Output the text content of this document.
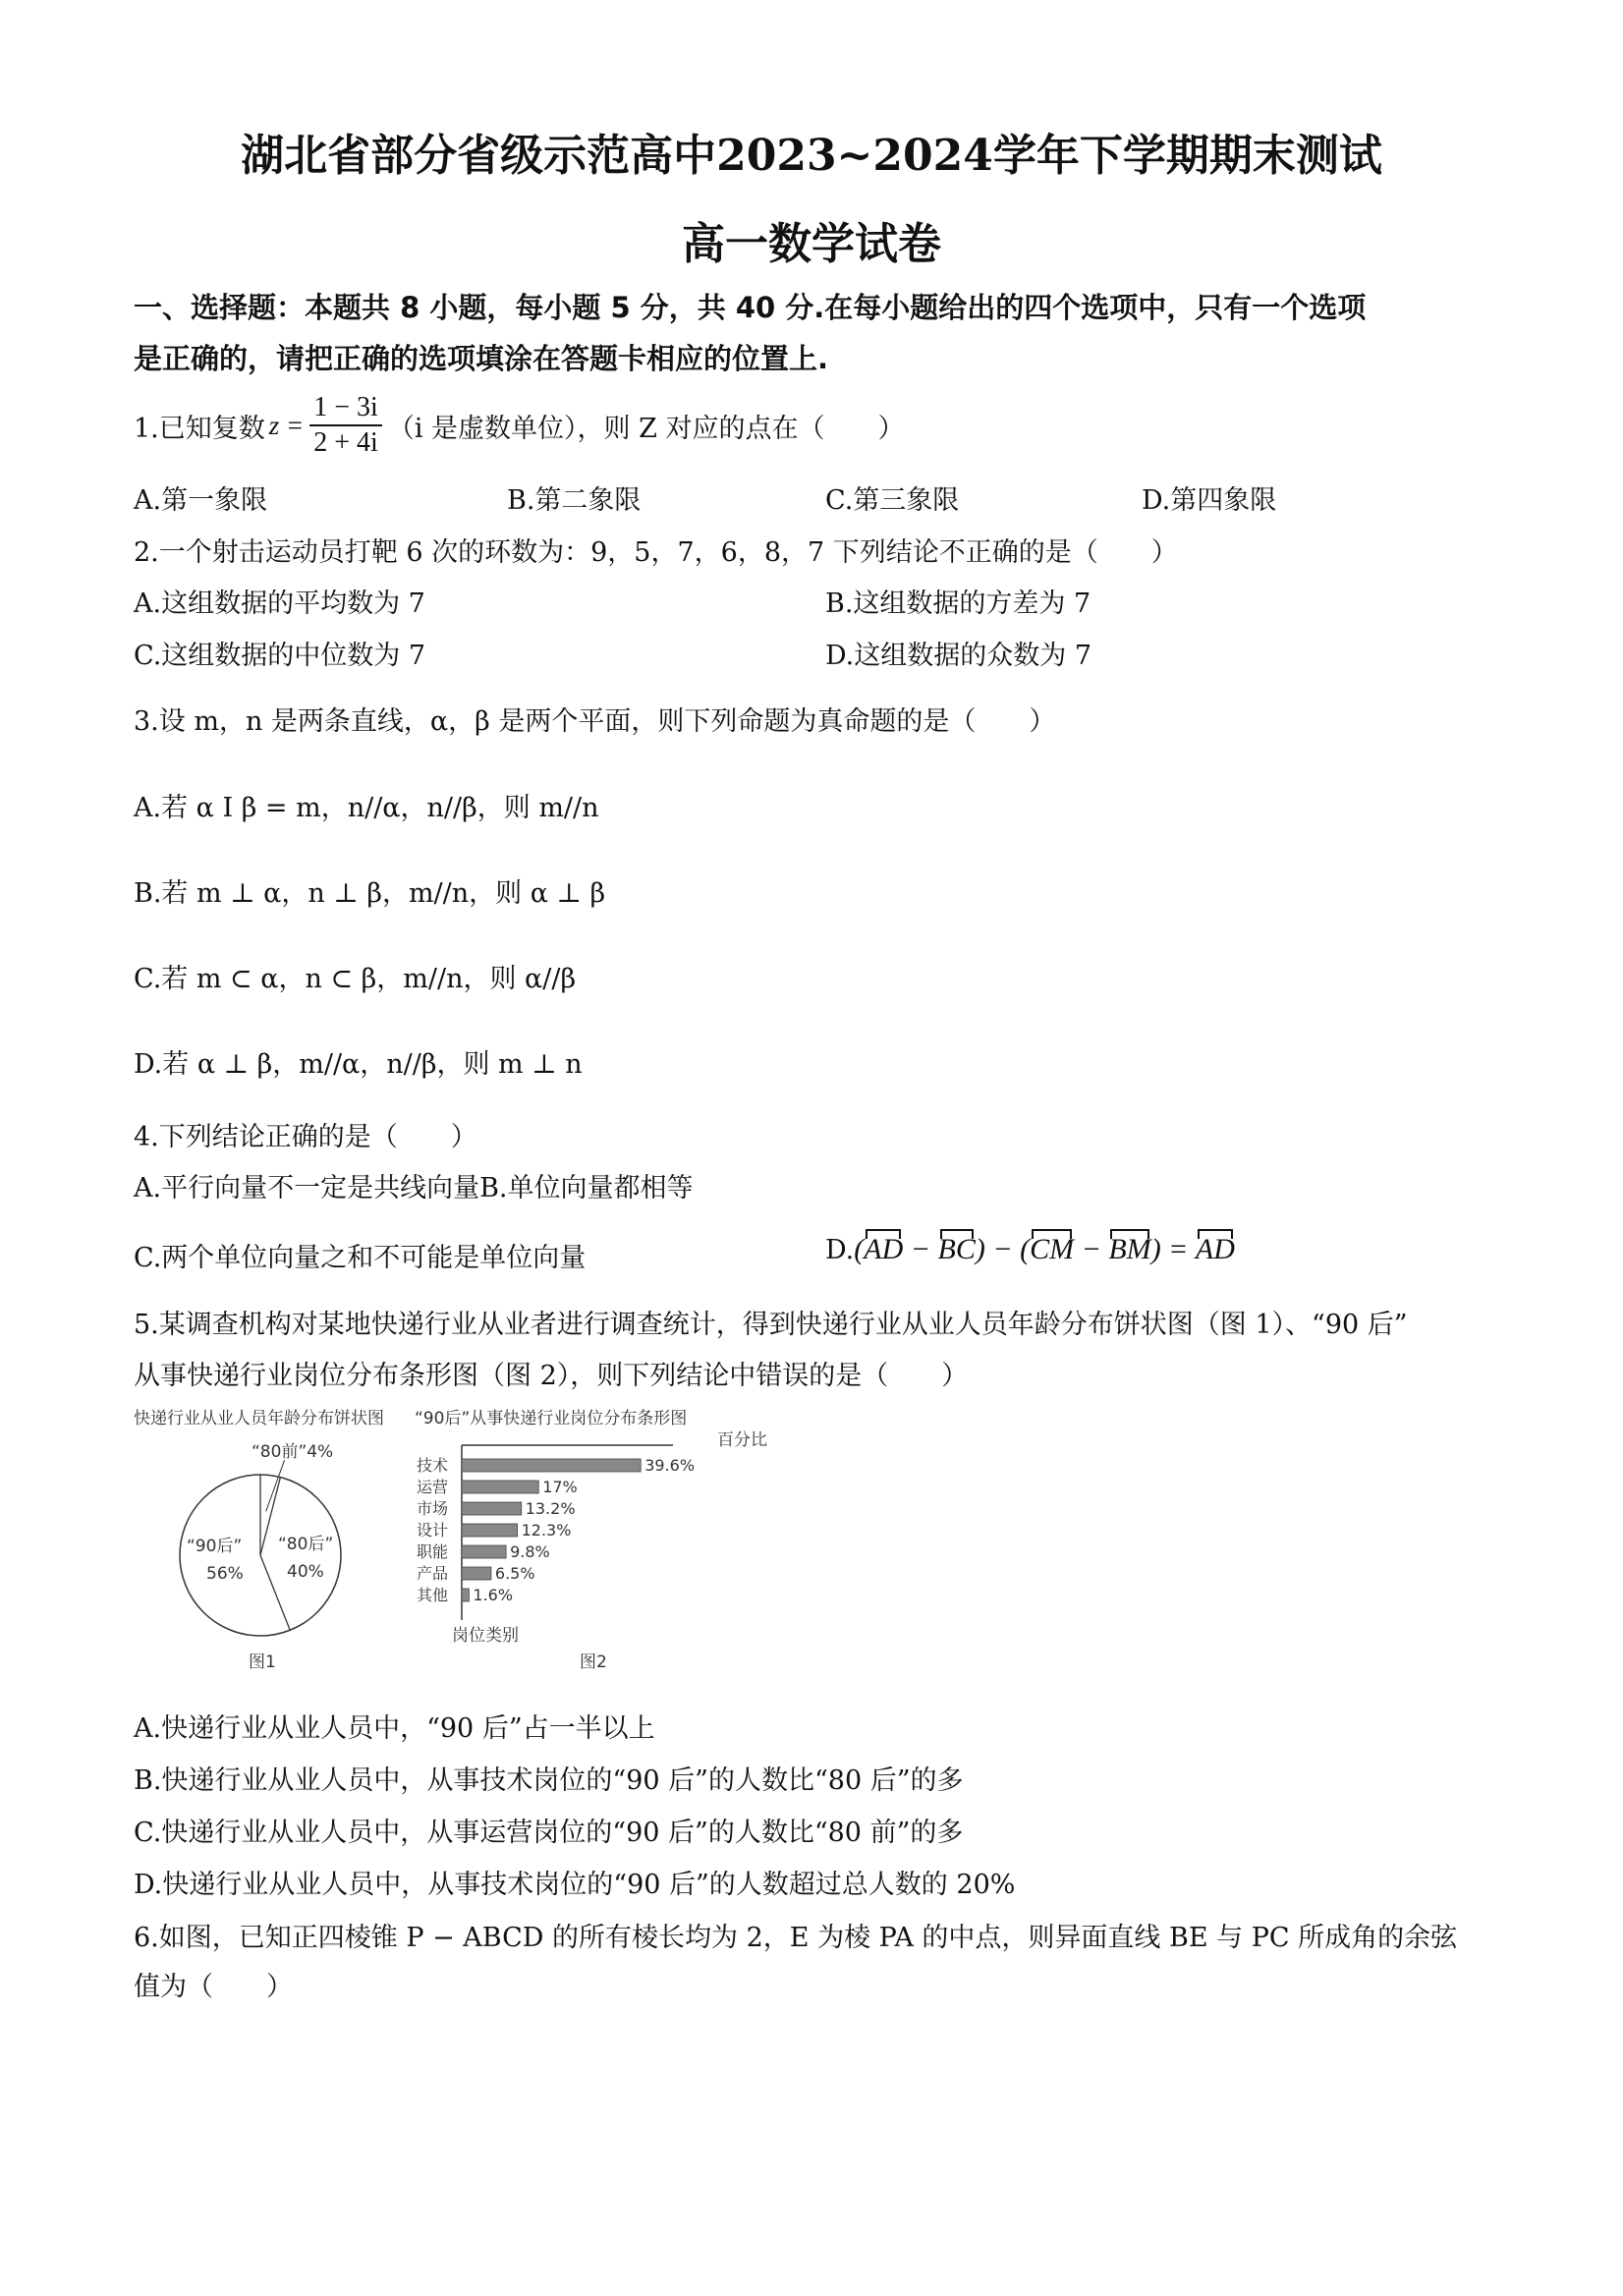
湖北省部分省级示范高中2023~2024学年下学期期末测试
高一数学试卷
一、选择题：本题共 8 小题，每小题 5 分，共 40 分.在每小题给出的四个选项中，只有一个选项
是正确的，请把正确的选项填涂在答题卡相应的位置上.
1.已知复数 $z = \frac{1 - 3i}{2 + 4i} (i$ 是虚数单位），则 Z 对应的点在（　　）
A.第一象限	B.第二象限	C.第三象限	D.第四象限
2.一个射击运动员打靶 6 次的环数为：9，5，7，6，8，7 下列结论不正确的是（　　）
A.这组数据的平均数为 7	B.这组数据的方差为 7
C.这组数据的中位数为 7	D.这组数据的众数为 7
3.设 m，n 是两条直线，α，β 是两个平面，则下列命题为真命题的是（　　）
A.若 α I β = m，n//α，n//β，则 m//n
B.若 m ⊥ α，n ⊥ β，m//n，则 α ⊥ β
C.若 m ⊂ α，n ⊂ β，m//n，则 α//β
D.若 α ⊥ β，m//α，n//β，则 m ⊥ n
4.下列结论正确的是（　　）
A.平行向量不一定是共线向量B.单位向量都相等
C.两个单位向量之和不可能是单位向量	D.(AD − BC) − (CM − BM) = AD
5.某调查机构对某地快递行业从业者进行调查统计，得到快递行业从业人员年龄分布饼状图（图 1）、“90 后”
从事快递行业岗位分布条形图（图 2），则下列结论中错误的是（　　）
快递行业从业人员年龄分布饼状图
“80前”4%
“80后”
40%
“90后”
56%
图1
“90后”从事快递行业岗位分布条形图
百分比
技术	39.6%
运营	17%
市场	13.2%
设计	12.3%
职能	9.8%
产品	6.5%
其他 1.6%
岗位类别
图2
A.快递行业从业人员中，“90 后”占一半以上
B.快递行业从业人员中，从事技术岗位的“90 后”的人数比“80 后”的多
C.快递行业从业人员中，从事运营岗位的“90 后”的人数比“80 前”的多
D.快递行业从业人员中，从事技术岗位的“90 后”的人数超过总人数的 20%
6.如图，已知正四棱锥 P − ABCD 的所有棱长均为 2，E 为棱 PA 的中点，则异面直线 BE 与 PC 所成角的余弦
值为（　　）
